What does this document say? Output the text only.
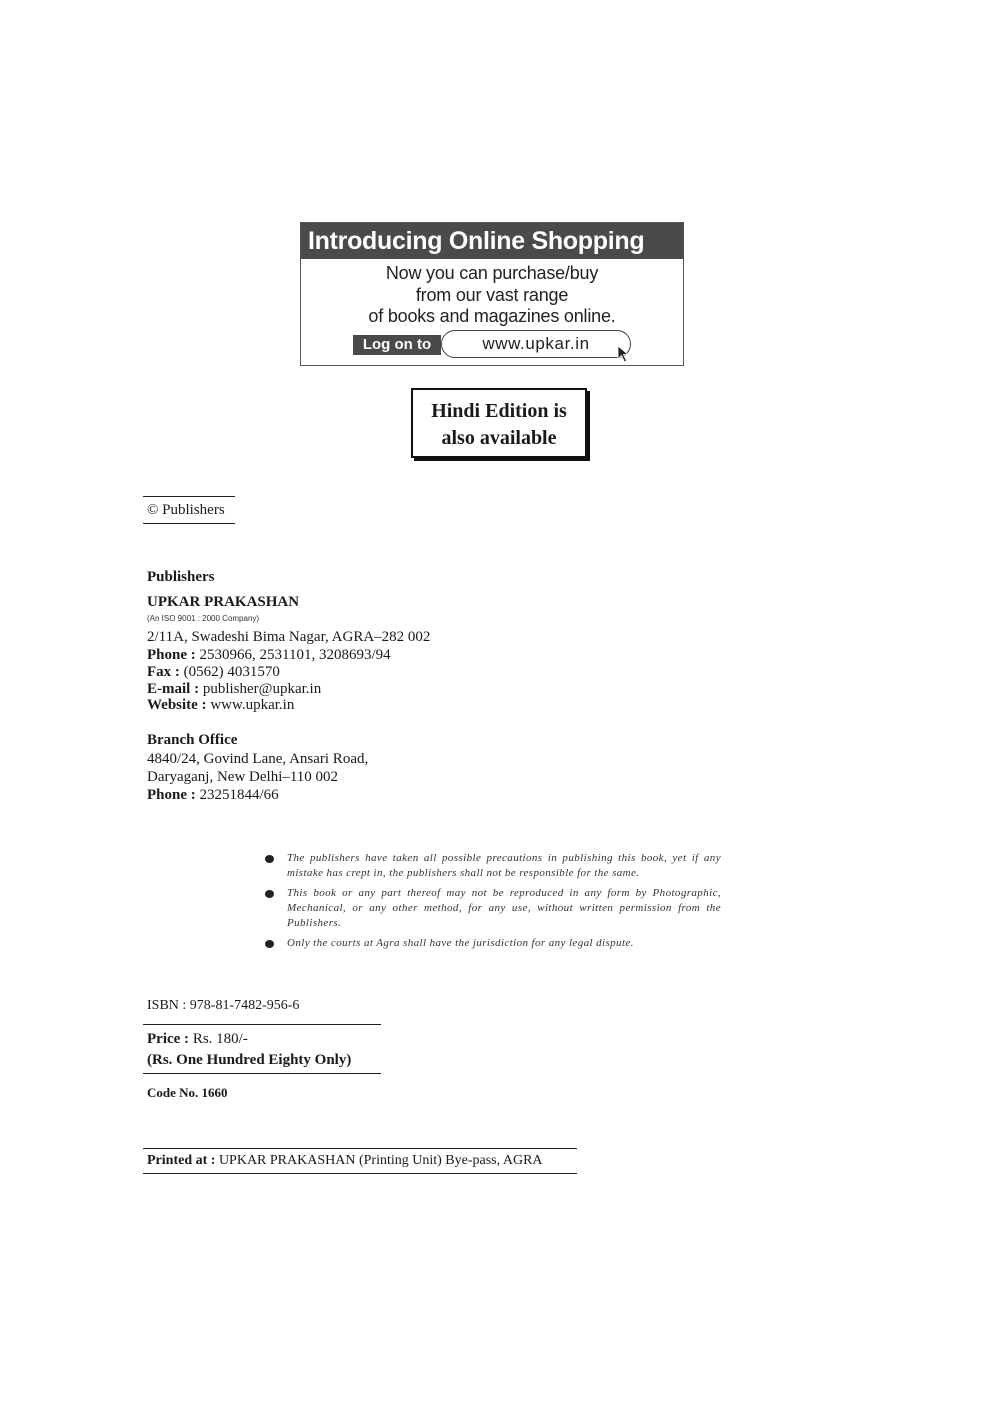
Introducing Online Shopping
Now you can purchase/buy
from our vast range
of books and magazines online.
Log on to	www.upkar.in
Hindi Edition is
also available
© Publishers
Publishers
UPKAR PRAKASHAN
(An ISO 9001 : 2000 Company)
2/11A, Swadeshi Bima Nagar, AGRA–282 002
Phone : 2530966, 2531101, 3208693/94
Fax : (0562) 4031570
E-mail : publisher@upkar.in
Website : www.upkar.in
Branch Office
4840/24, Govind Lane, Ansari Road,
Daryaganj, New Delhi–110 002
Phone : 23251844/66
The publishers have taken all possible precautions in publishing this book, yet if any mistake has crept in, the publishers shall not be responsible for the same.
This book or any part thereof may not be reproduced in any form by Photographic, Mechanical, or any other method, for any use, without written permission from the Publishers.
Only the courts at Agra shall have the jurisdiction for any legal dispute.
ISBN : 978-81-7482-956-6
Price : Rs. 180/-
(Rs. One Hundred Eighty Only)
Code No. 1660
Printed at : UPKAR PRAKASHAN (Printing Unit) Bye-pass, AGRA
